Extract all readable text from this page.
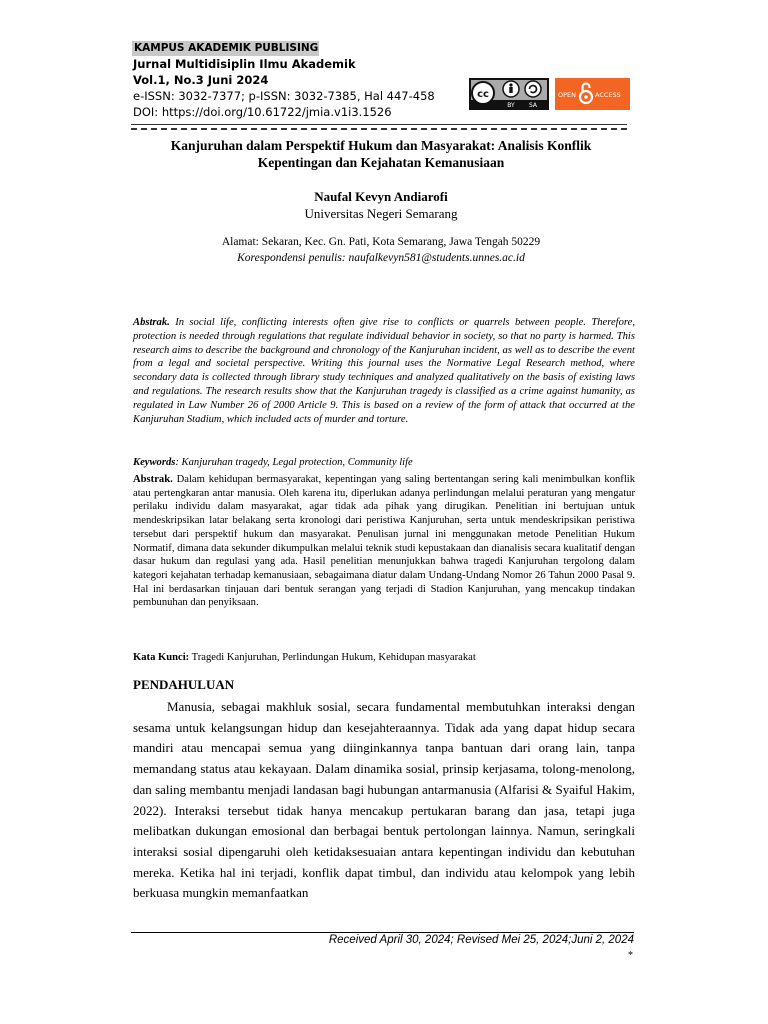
KAMPUS AKADEMIK PUBLISING
Jurnal Multidisiplin Ilmu Akademik
Vol.1, No.3 Juni 2024
e-ISSN: 3032-7377; p-ISSN: 3032-7385, Hal 447-458
DOI: https://doi.org/10.61722/jmia.v1i3.1526
cc
BY SA
OPEN	ACCESS
Kanjuruhan dalam Perspektif Hukum dan Masyarakat: Analisis Konflik Kepentingan dan Kejahatan Kemanusiaan
Naufal Kevyn Andiarofi
Universitas Negeri Semarang
Alamat: Sekaran, Kec. Gn. Pati, Kota Semarang, Jawa Tengah 50229
Korespondensi penulis: naufalkevyn581@students.unnes.ac.id
Abstrak. In social life, conflicting interests often give rise to conflicts or quarrels between people. Therefore, protection is needed through regulations that regulate individual behavior in society, so that no party is harmed. This research aims to describe the background and chronology of the Kanjuruhan incident, as well as to describe the event from a legal and societal perspective. Writing this journal uses the Normative Legal Research method, where secondary data is collected through library study techniques and analyzed qualitatively on the basis of existing laws and regulations. The research results show that the Kanjuruhan tragedy is classified as a crime against humanity, as regulated in Law Number 26 of 2000 Article 9. This is based on a review of the form of attack that occurred at the Kanjuruhan Stadium, which included acts of murder and torture.
Keywords: Kanjuruhan tragedy, Legal protection, Community life
Abstrak. Dalam kehidupan bermasyarakat, kepentingan yang saling bertentangan sering kali menimbulkan konflik atau pertengkaran antar manusia. Oleh karena itu, diperlukan adanya perlindungan melalui peraturan yang mengatur perilaku individu dalam masyarakat, agar tidak ada pihak yang dirugikan. Penelitian ini bertujuan untuk mendeskripsikan latar belakang serta kronologi dari peristiwa Kanjuruhan, serta untuk mendeskripsikan peristiwa tersebut dari perspektif hukum dan masyarakat. Penulisan jurnal ini menggunakan metode Penelitian Hukum Normatif, dimana data sekunder dikumpulkan melalui teknik studi kepustakaan dan dianalisis secara kualitatif dengan dasar hukum dan regulasi yang ada. Hasil penelitian menunjukkan bahwa tragedi Kanjuruhan tergolong dalam kategori kejahatan terhadap kemanusiaan, sebagaimana diatur dalam Undang-Undang Nomor 26 Tahun 2000 Pasal 9. Hal ini berdasarkan tinjauan dari bentuk serangan yang terjadi di Stadion Kanjuruhan, yang mencakup tindakan pembunuhan dan penyiksaan.
Kata Kunci: Tragedi Kanjuruhan, Perlindungan Hukum, Kehidupan masyarakat
PENDAHULUAN
Manusia, sebagai makhluk sosial, secara fundamental membutuhkan interaksi dengan sesama untuk kelangsungan hidup dan kesejahteraannya. Tidak ada yang dapat hidup secara mandiri atau mencapai semua yang diinginkannya tanpa bantuan dari orang lain, tanpa memandang status atau kekayaan. Dalam dinamika sosial, prinsip kerjasama, tolong-menolong, dan saling membantu menjadi landasan bagi hubungan antarmanusia (Alfarisi & Syaiful Hakim, 2022). Interaksi tersebut tidak hanya mencakup pertukaran barang dan jasa, tetapi juga melibatkan dukungan emosional dan berbagai bentuk pertolongan lainnya. Namun, seringkali interaksi sosial dipengaruhi oleh ketidaksesuaian antara kepentingan individu dan kebutuhan mereka. Ketika hal ini terjadi, konflik dapat timbul, dan individu atau kelompok yang lebih berkuasa mungkin memanfaatkan
Received April 30, 2024; Revised Mei 25, 2024;Juni 2, 2024
*
